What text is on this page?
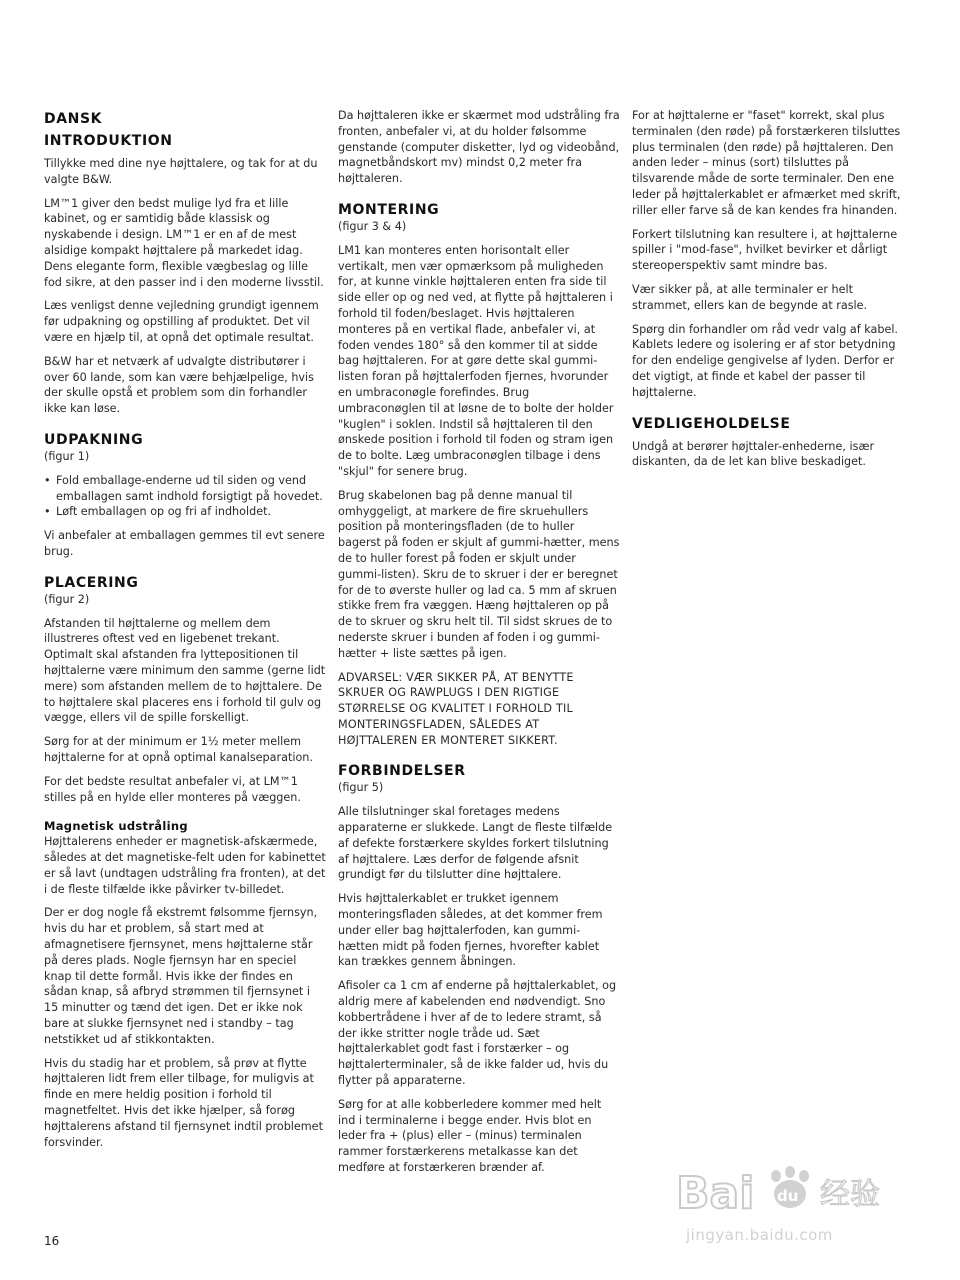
DANSK
INTRODUKTION

Tillykke med dine nye højttalere, og tak for at du valgte B&W.

LM™1 giver den bedst mulige lyd fra et lille kabinet, og er samtidig både klassisk og nyskabende i design. LM™1 er en af de mest alsidige kompakt højttalere på markedet idag. Dens elegante form, flexible vægbeslag og lille fod sikre, at den passer ind i den moderne livsstil.

Læs venligst denne vejledning grundigt igennem før udpakning og opstilling af produktet. Det vil være en hjælp til, at opnå det optimale resultat.

B&W har et netværk af udvalgte distributører i over 60 lande, som kan være behjælpelige, hvis der skulle opstå et problem som din forhandler ikke kan løse.

UDPAKNING
(figur 1)
• Fold emballage-enderne ud til siden og vend emballagen samt indhold forsigtigt på hovedet.
• Løft emballagen op og fri af indholdet.

Vi anbefaler at emballagen gemmes til evt senere brug.

PLACERING
(figur 2)

Afstanden til højttalerne og mellem dem illustreres oftest ved en ligebenet trekant. Optimalt skal afstanden fra lyttepositionen til højttalerne være minimum den samme (gerne lidt mere) som afstanden mellem de to højttalere. De to højttalere skal placeres ens i forhold til gulv og vægge, ellers vil de spille forskelligt.

Sørg for at der minimum er 1½ meter mellem højttalerne for at opnå optimal kanalseparation.

For det bedste resultat anbefaler vi, at LM™1 stilles på en hylde eller monteres på væggen.

Magnetisk udstråling

Højttalerens enheder er magnetisk-afskærmede, således at det magnetiske-felt uden for kabinettet er så lavt (undtagen udstråling fra fronten), at det i de fleste tilfælde ikke påvirker tv-billedet.

Der er dog nogle få ekstremt følsomme fjernsyn, hvis du har et problem, så start med at afmagnetisere fjernsynet, mens højttalerne står på deres plads. Nogle fjernsyn har en speciel knap til dette formål. Hvis ikke der findes en sådan knap, så afbryd strømmen til fjernsynet i 15 minutter og tænd det igen. Det er ikke nok bare at slukke fjernsynet ned i standby – tag netstikket ud af stikkontakten.

Hvis du stadig har et problem, så prøv at flytte højttaleren lidt frem eller tilbage, for muligvis at finde en mere heldig position i forhold til magnetfeltet. Hvis det ikke hjælper, så forøg højttalerens afstand til fjernsynet indtil problemet forsvinder.

Da højttaleren ikke er skærmet mod udstråling fra fronten, anbefaler vi, at du holder følsomme genstande (computer disketter, lyd og videobånd, magnetbåndskort mv) mindst 0,2 meter fra højttaleren.

MONTERING
(figur 3 & 4)

LM1 kan monteres enten horisontalt eller vertikalt, men vær opmærksom på muligheden for, at kunne vinkle højttaleren enten fra side til side eller op og ned ved, at flytte på højttaleren i forhold til foden/beslaget. Hvis højttaleren monteres på en vertikal flade, anbefaler vi, at foden vendes 180° så den kommer til at sidde bag højttaleren. For at gøre dette skal gummi-listen foran på højttalerfoden fjernes, hvorunder en umbraconøgle forefindes. Brug umbraconøglen til at løsne de to bolte der holder "kuglen" i soklen. Indstil så højttaleren til den ønskede position i forhold til foden og stram igen de to bolte. Læg umbraconøglen tilbage i dens "skjul" for senere brug.

Brug skabelonen bag på denne manual til omhyggeligt, at markere de fire skruehullers position på monteringsfladen (de to huller bagerst på foden er skjult af gummi-hætter, mens de to huller forest på foden er skjult under gummi-listen). Skru de to skruer i der er beregnet for de to øverste huller og lad ca. 5 mm af skruen stikke frem fra væggen. Hæng højttaleren op på de to skruer og skru helt til. Til sidst skrues de to nederste skruer i bunden af foden i og gummi-hætter + liste sættes på igen.

ADVARSEL: VÆR SIKKER PÅ, AT BENYTTE SKRUER OG RAWPLUGS I DEN RIGTIGE STØRRELSE OG KVALITET I FORHOLD TIL MONTERINGSFLADEN, SÅLEDES AT HØJTTALEREN ER MONTERET SIKKERT.

FORBINDELSER
(figur 5)

Alle tilslutninger skal foretages medens apparaterne er slukkede. Langt de fleste tilfælde af defekte forstærkere skyldes forkert tilslutning af højttalere. Læs derfor de følgende afsnit grundigt før du tilslutter dine højttalere.

Hvis højttalerkablet er trukket igennem monteringsfladen således, at det kommer frem under eller bag højttalerfoden, kan gummi-hætten midt på foden fjernes, hvorefter kablet kan trækkes gennem åbningen.

Afisoler ca 1 cm af enderne på højttalerkablet, og aldrig mere af kabelenden end nødvendigt. Sno kobbertrådene i hver af de to ledere stramt, så der ikke stritter nogle tråde ud. Sæt højttalerkablet godt fast i forstærker – og højttalerterminaler, så de ikke falder ud, hvis du flytter på apparaterne.

Sørg for at alle kobberledere kommer med helt ind i terminalerne i begge ender. Hvis blot en leder fra + (plus) eller – (minus) terminalen rammer forstærkerens metalkasse kan det medføre at forstærkeren brænder af.

For at højttalerne er "faset" korrekt, skal plus terminalen (den røde) på forstærkeren tilsluttes plus terminalen (den røde) på højttaleren. Den anden leder – minus (sort) tilsluttes på tilsvarende måde de sorte terminaler. Den ene leder på højttalerkablet er afmærket med skrift, riller eller farve så de kan kendes fra hinanden.

Forkert tilslutning kan resultere i, at højttalerne spiller i "mod-fase", hvilket bevirker et dårligt stereoperspektiv samt mindre bas.

Vær sikker på, at alle terminaler er helt strammet, ellers kan de begynde at rasle.

Spørg din forhandler om råd vedr valg af kabel. Kablets ledere og isolering er af stor betydning for den endelige gengivelse af lyden. Derfor er det vigtigt, at finde et kabel der passer til højttalerne.

VEDLIGEHOLDELSE

Undgå at berører højttaler-enhederne, især diskanten, da de let kan blive beskadiget.

16
Bai du 经验
jingyan.baidu.com
